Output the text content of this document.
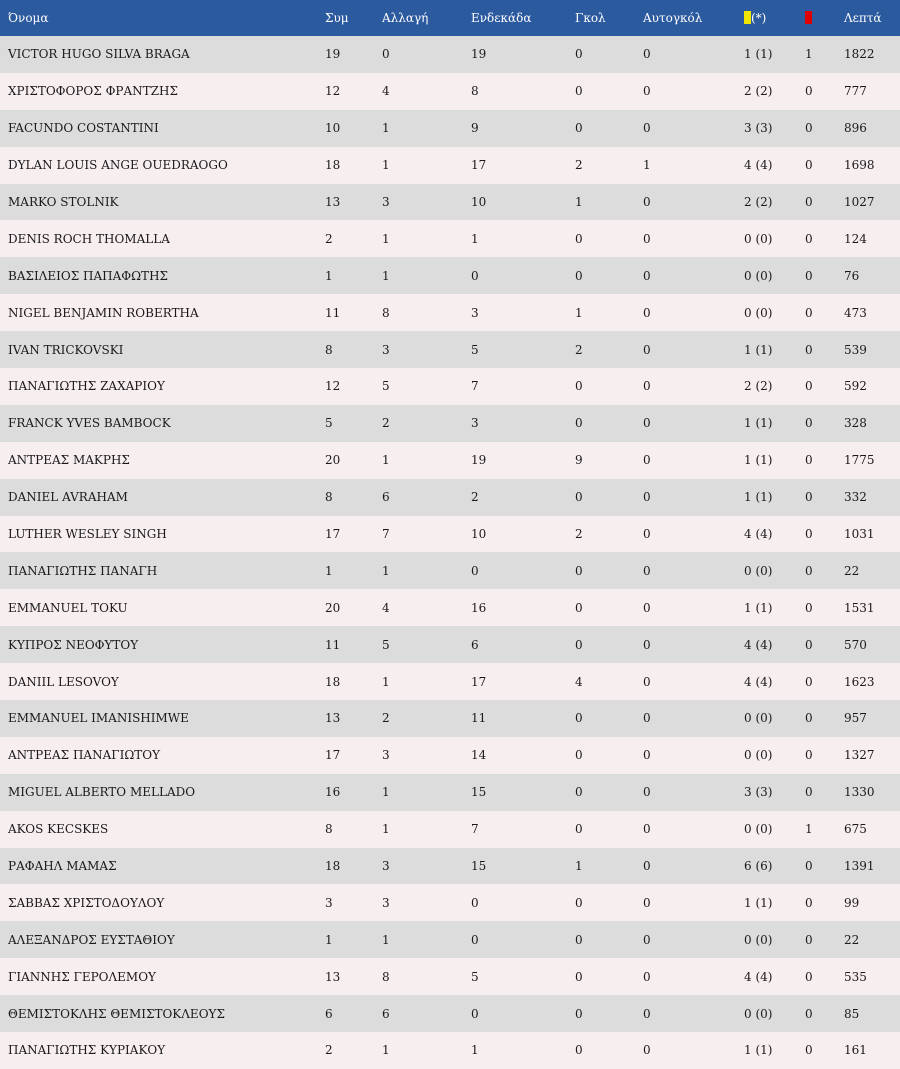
Όνομα	Συμ	Αλλαγή	Ενδεκάδα	Γκολ	Αυτογκόλ	(*)		Λεπτά
VICTOR HUGO SILVA BRAGA	19	0	19	0	0	1 (1)	1	1822
ΧΡΙΣΤΟΦΟΡΟΣ ΦΡΑΝΤΖΗΣ	12	4	8	0	0	2 (2)	0	777
FACUNDO COSTANTINI	10	1	9	0	0	3 (3)	0	896
DYLAN LOUIS ANGE OUEDRAOGO	18	1	17	2	1	4 (4)	0	1698
MARKO STOLNIK	13	3	10	1	0	2 (2)	0	1027
DENIS ROCH THOMALLA	2	1	1	0	0	0 (0)	0	124
ΒΑΣΙΛΕΙΟΣ ΠΑΠΑΦΩΤΗΣ	1	1	0	0	0	0 (0)	0	76
NIGEL BENJAMIN ROBERTHA	11	8	3	1	0	0 (0)	0	473
IVAN TRICKOVSKI	8	3	5	2	0	1 (1)	0	539
ΠΑΝΑΓΙΩΤΗΣ ΖΑΧΑΡΙΟΥ	12	5	7	0	0	2 (2)	0	592
FRANCK YVES BAMBOCK	5	2	3	0	0	1 (1)	0	328
ΑΝΤΡΕΑΣ ΜΑΚΡΗΣ	20	1	19	9	0	1 (1)	0	1775
DANIEL AVRAHAM	8	6	2	0	0	1 (1)	0	332
LUTHER WESLEY SINGH	17	7	10	2	0	4 (4)	0	1031
ΠΑΝΑΓΙΩΤΗΣ ΠΑΝΑΓΗ	1	1	0	0	0	0 (0)	0	22
EMMANUEL TOKU	20	4	16	0	0	1 (1)	0	1531
ΚΥΠΡΟΣ ΝΕΟΦΥΤΟΥ	11	5	6	0	0	4 (4)	0	570
DANIIL LESOVOY	18	1	17	4	0	4 (4)	0	1623
EMMANUEL IMANISHIMWE	13	2	11	0	0	0 (0)	0	957
ΑΝΤΡΕΑΣ ΠΑΝΑΓΙΩΤΟΥ	17	3	14	0	0	0 (0)	0	1327
MIGUEL ALBERTO MELLADO	16	1	15	0	0	3 (3)	0	1330
AKOS KECSKES	8	1	7	0	0	0 (0)	1	675
ΡΑΦΑΗΛ ΜΑΜΑΣ	18	3	15	1	0	6 (6)	0	1391
ΣΑΒΒΑΣ ΧΡΙΣΤΟΔΟΥΛΟΥ	3	3	0	0	0	1 (1)	0	99
ΑΛΕΞΑΝΔΡΟΣ ΕΥΣΤΑΘΙΟΥ	1	1	0	0	0	0 (0)	0	22
ΓΙΑΝΝΗΣ ΓΕΡΟΛΕΜΟΥ	13	8	5	0	0	4 (4)	0	535
ΘΕΜΙΣΤΟΚΛΗΣ ΘΕΜΙΣΤΟΚΛΕΟΥΣ	6	6	0	0	0	0 (0)	0	85
ΠΑΝΑΓΙΩΤΗΣ ΚΥΡΙΑΚΟΥ	2	1	1	0	0	1 (1)	0	161
